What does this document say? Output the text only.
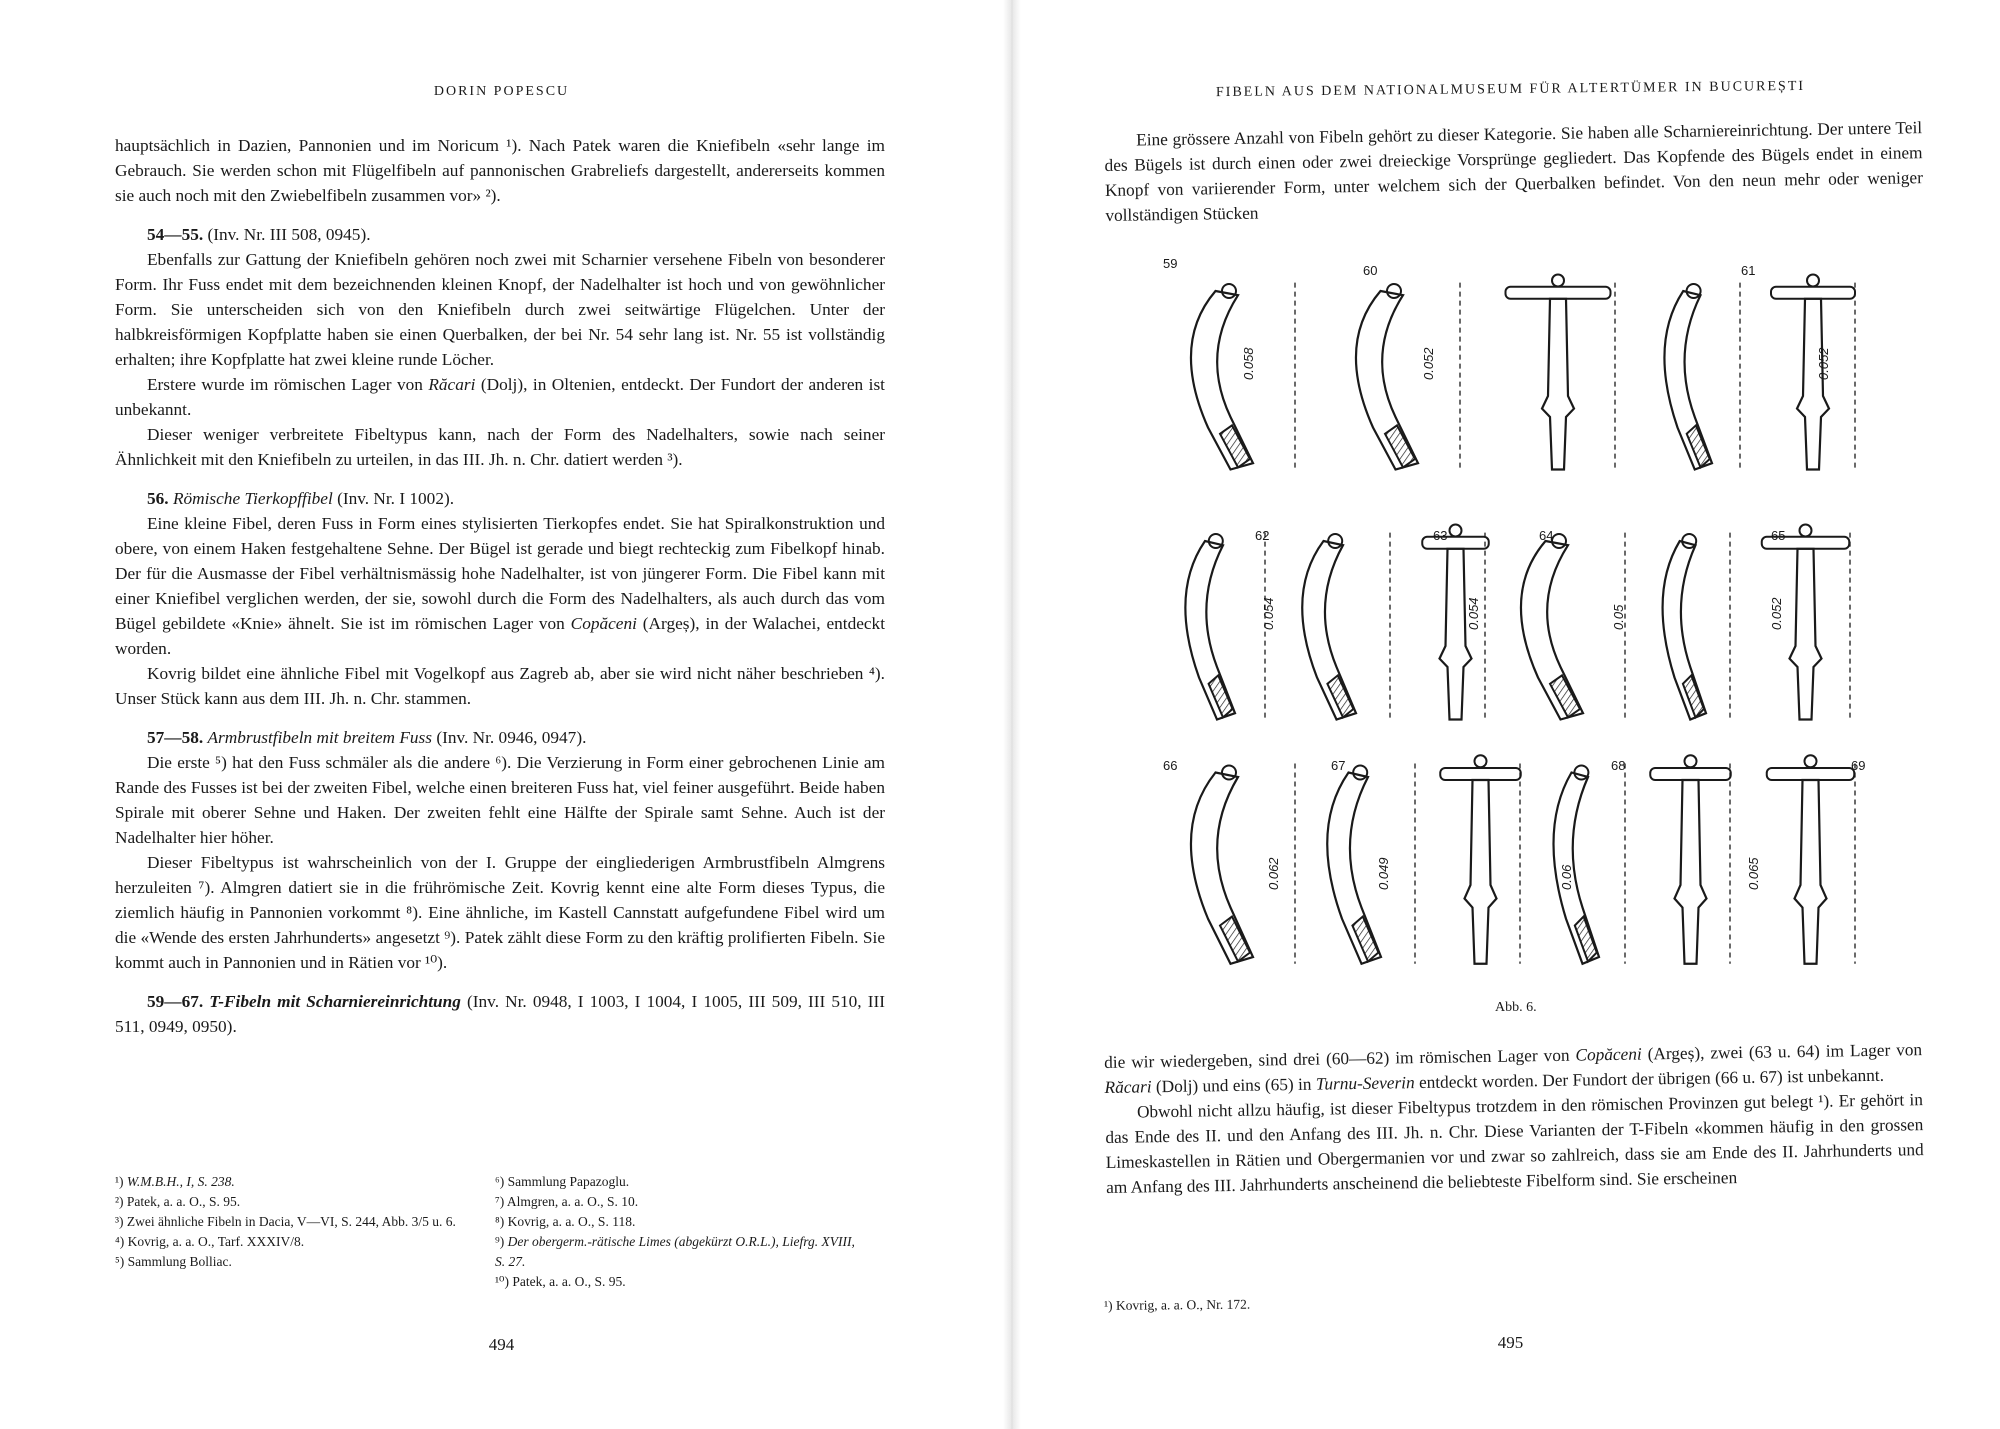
DORIN POPESCU

hauptsächlich in Dazien, Pannonien und im Noricum ¹). Nach Patek waren die Kniefibeln «sehr lange im Gebrauch. Sie werden schon mit Flügelfibeln auf pannonischen Grabreliefs dargestellt, andererseits kommen sie auch noch mit den Zwiebelfibeln zusammen vor» ²).

54—55. (Inv. Nr. III 508, 0945).

Ebenfalls zur Gattung der Kniefibeln gehören noch zwei mit Scharnier versehene Fibeln von besonderer Form. Ihr Fuss endet mit dem bezeichnenden kleinen Knopf, der Nadelhalter ist hoch und von gewöhnlicher Form. Sie unterscheiden sich von den Kniefibeln durch zwei seitwärtige Flügelchen. Unter der halbkreisförmigen Kopfplatte haben sie einen Querbalken, der bei Nr. 54 sehr lang ist. Nr. 55 ist vollständig erhalten; ihre Kopfplatte hat zwei kleine runde Löcher.

Erstere wurde im römischen Lager von Răcari (Dolj), in Oltenien, entdeckt. Der Fundort der anderen ist unbekannt.

Dieser weniger verbreitete Fibeltypus kann, nach der Form des Nadelhalters, sowie nach seiner Ähnlichkeit mit den Kniefibeln zu urteilen, in das III. Jh. n. Chr. datiert werden ³).

56. Römische Tierkopffibel (Inv. Nr. I 1002).

Eine kleine Fibel, deren Fuss in Form eines stylisierten Tierkopfes endet. Sie hat Spiralkonstruktion und obere, von einem Haken festgehaltene Sehne. Der Bügel ist gerade und biegt rechteckig zum Fibelkopf hinab. Der für die Ausmasse der Fibel verhältnismässig hohe Nadelhalter, ist von jüngerer Form. Die Fibel kann mit einer Kniefibel verglichen werden, der sie, sowohl durch die Form des Nadelhalters, als auch durch das vom Bügel gebildete «Knie» ähnelt. Sie ist im römischen Lager von Copăceni (Argeș), in der Walachei, entdeckt worden.

Kovrig bildet eine ähnliche Fibel mit Vogelkopf aus Zagreb ab, aber sie wird nicht näher beschrieben ⁴). Unser Stück kann aus dem III. Jh. n. Chr. stammen.

57—58. Armbrustfibeln mit breitem Fuss (Inv. Nr. 0946, 0947).

Die erste ⁵) hat den Fuss schmäler als die andere ⁶). Die Verzierung in Form einer gebrochenen Linie am Rande des Fusses ist bei der zweiten Fibel, welche einen breiteren Fuss hat, viel feiner ausgeführt. Beide haben Spirale mit oberer Sehne und Haken. Der zweiten fehlt eine Hälfte der Spirale samt Sehne. Auch ist der Nadelhalter hier höher.

Dieser Fibeltypus ist wahrscheinlich von der I. Gruppe der eingliederigen Armbrustfibeln Almgrens herzuleiten ⁷). Almgren datiert sie in die frührömische Zeit. Kovrig kennt eine alte Form dieses Typus, die ziemlich häufig in Pannonien vorkommt ⁸). Eine ähnliche, im Kastell Cannstatt aufgefundene Fibel wird um die «Wende des ersten Jahrhunderts» angesetzt ⁹). Patek zählt diese Form zu den kräftig prolifierten Fibeln. Sie kommt auch in Pannonien und in Rätien vor ¹⁰).

59—67. T-Fibeln mit Scharniereinrichtung (Inv. Nr. 0948, I 1003, I 1004, I 1005, III 509, III 510, III 511, 0949, 0950).
¹) W.M.B.H., I, S. 238.
²) Patek, a. a. O., S. 95.
³) Zwei ähnliche Fibeln in Dacia, V—VI, S. 244, Abb. 3/5 u. 6.
⁴) Kovrig, a. a. O., Tarf. XXXIV/8.
⁵) Sammlung Bolliac.
⁶) Sammlung Papazoglu.
⁷) Almgren, a. a. O., S. 10.
⁸) Kovrig, a. a. O., S. 118.
⁹) Der obergerm.-rätische Limes (abgekürzt O.R.L.), Liefrg. XVIII, S. 27.
¹⁰) Patek, a. a. O., S. 95.
494
FIBELN AUS DEM NATIONALMUSEUM FÜR ALTERTÜMER IN BUCUREȘTI

Eine grössere Anzahl von Fibeln gehört zu dieser Kategorie. Sie haben alle Scharniereinrichtung. Der untere Teil des Bügels ist durch einen oder zwei dreieckige Vorsprünge gegliedert. Das Kopfende des Bügels endet in einem Knopf von variierender Form, unter welchem sich der Querbalken befindet. Von den neun mehr oder weniger vollständigen Stücken

die wir wiedergeben, sind drei (60—62) im römischen Lager von Copăceni (Argeș), zwei (63 u. 64) im Lager von Răcari (Dolj) und eins (65) in Turnu-Severin entdeckt worden. Der Fundort der übrigen (66 u. 67) ist unbekannt.

Obwohl nicht allzu häufig, ist dieser Fibeltypus trotzdem in den römischen Provinzen gut belegt ¹). Er gehört in das Ende des II. und den Anfang des III. Jh. n. Chr. Diese Varianten der T-Fibeln «kommen häufig in den grossen Limeskastellen in Rätien und Obergermanien vor und zwar so zahlreich, dass sie am Ende des II. Jahrhunderts und am Anfang des III. Jahrhunderts anscheinend die beliebteste Fibelform sind. Sie erscheinen

¹) Kovrig, a. a. O., Nr. 172.
495
59	60	61
62	63	64	65
66	67	68	69
0.058	0.052	0.052
0.054	0.054	0.05	0.052
0.062	0.049	0.06	0.065
Abb. 6.
